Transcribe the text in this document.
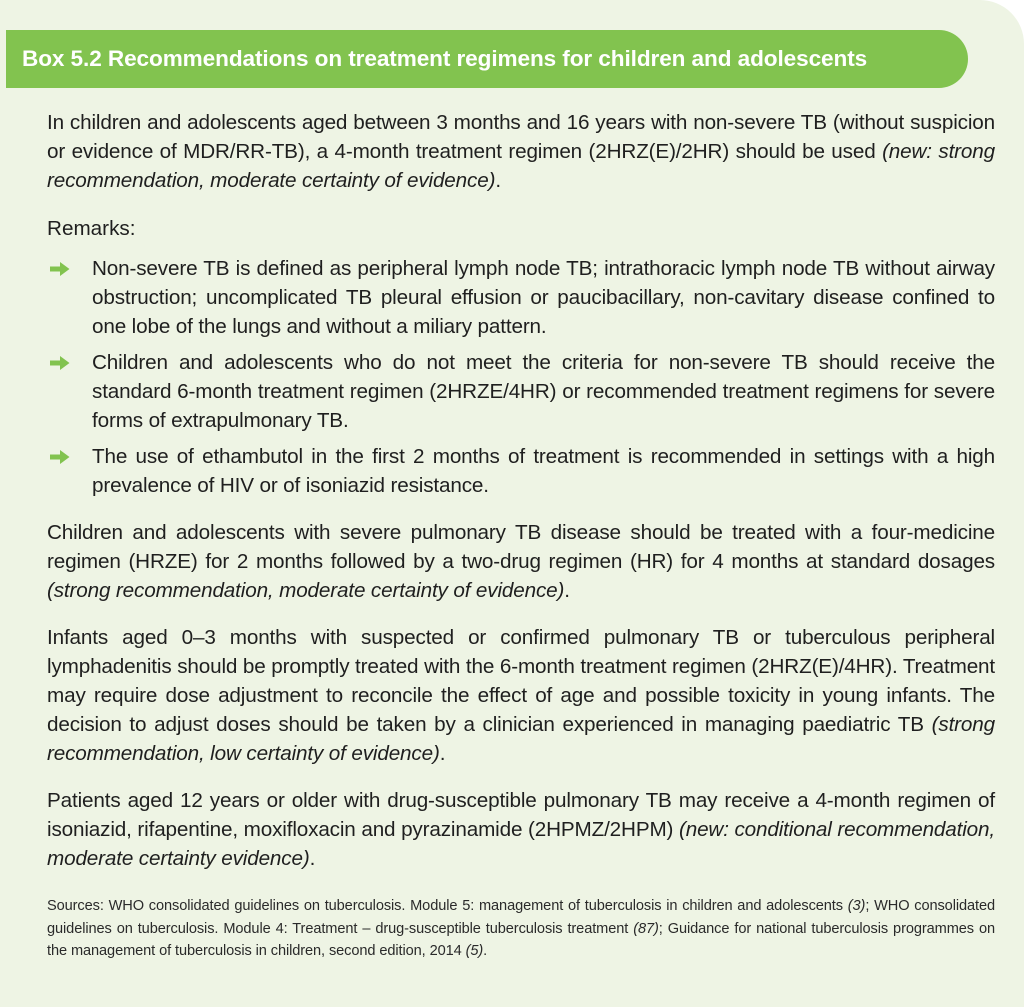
Box 5.2 Recommendations on treatment regimens for children and adolescents

In children and adolescents aged between 3 months and 16 years with non-severe TB (without suspicion or evidence of MDR/RR-TB), a 4-month treatment regimen (2HRZ(E)/2HR) should be used (new: strong recommendation, moderate certainty of evidence).

Remarks:

Non-severe TB is defined as peripheral lymph node TB; intrathoracic lymph node TB without airway obstruction; uncomplicated TB pleural effusion or paucibacillary, non-cavitary disease confined to one lobe of the lungs and without a miliary pattern.
Children and adolescents who do not meet the criteria for non-severe TB should receive the standard 6-month treatment regimen (2HRZE/4HR) or recommended treatment regimens for severe forms of extrapulmonary TB.
The use of ethambutol in the first 2 months of treatment is recommended in settings with a high prevalence of HIV or of isoniazid resistance.

Children and adolescents with severe pulmonary TB disease should be treated with a four-medicine regimen (HRZE) for 2 months followed by a two-drug regimen (HR) for 4 months at standard dosages (strong recommendation, moderate certainty of evidence).

Infants aged 0–3 months with suspected or confirmed pulmonary TB or tuberculous peripheral lymphadenitis should be promptly treated with the 6-month treatment regimen (2HRZ(E)/4HR). Treatment may require dose adjustment to reconcile the effect of age and possible toxicity in young infants. The decision to adjust doses should be taken by a clinician experienced in managing paediatric TB (strong recommendation, low certainty of evidence).

Patients aged 12 years or older with drug-susceptible pulmonary TB may receive a 4-month regimen of isoniazid, rifapentine, moxifloxacin and pyrazinamide (2HPMZ/2HPM) (new: conditional recommendation, moderate certainty evidence).

Sources: WHO consolidated guidelines on tuberculosis. Module 5: management of tuberculosis in children and adolescents (3); WHO consolidated guidelines on tuberculosis. Module 4: Treatment – drug-susceptible tuberculosis treatment (87); Guidance for national tuberculosis programmes on the management of tuberculosis in children, second edition, 2014 (5).
